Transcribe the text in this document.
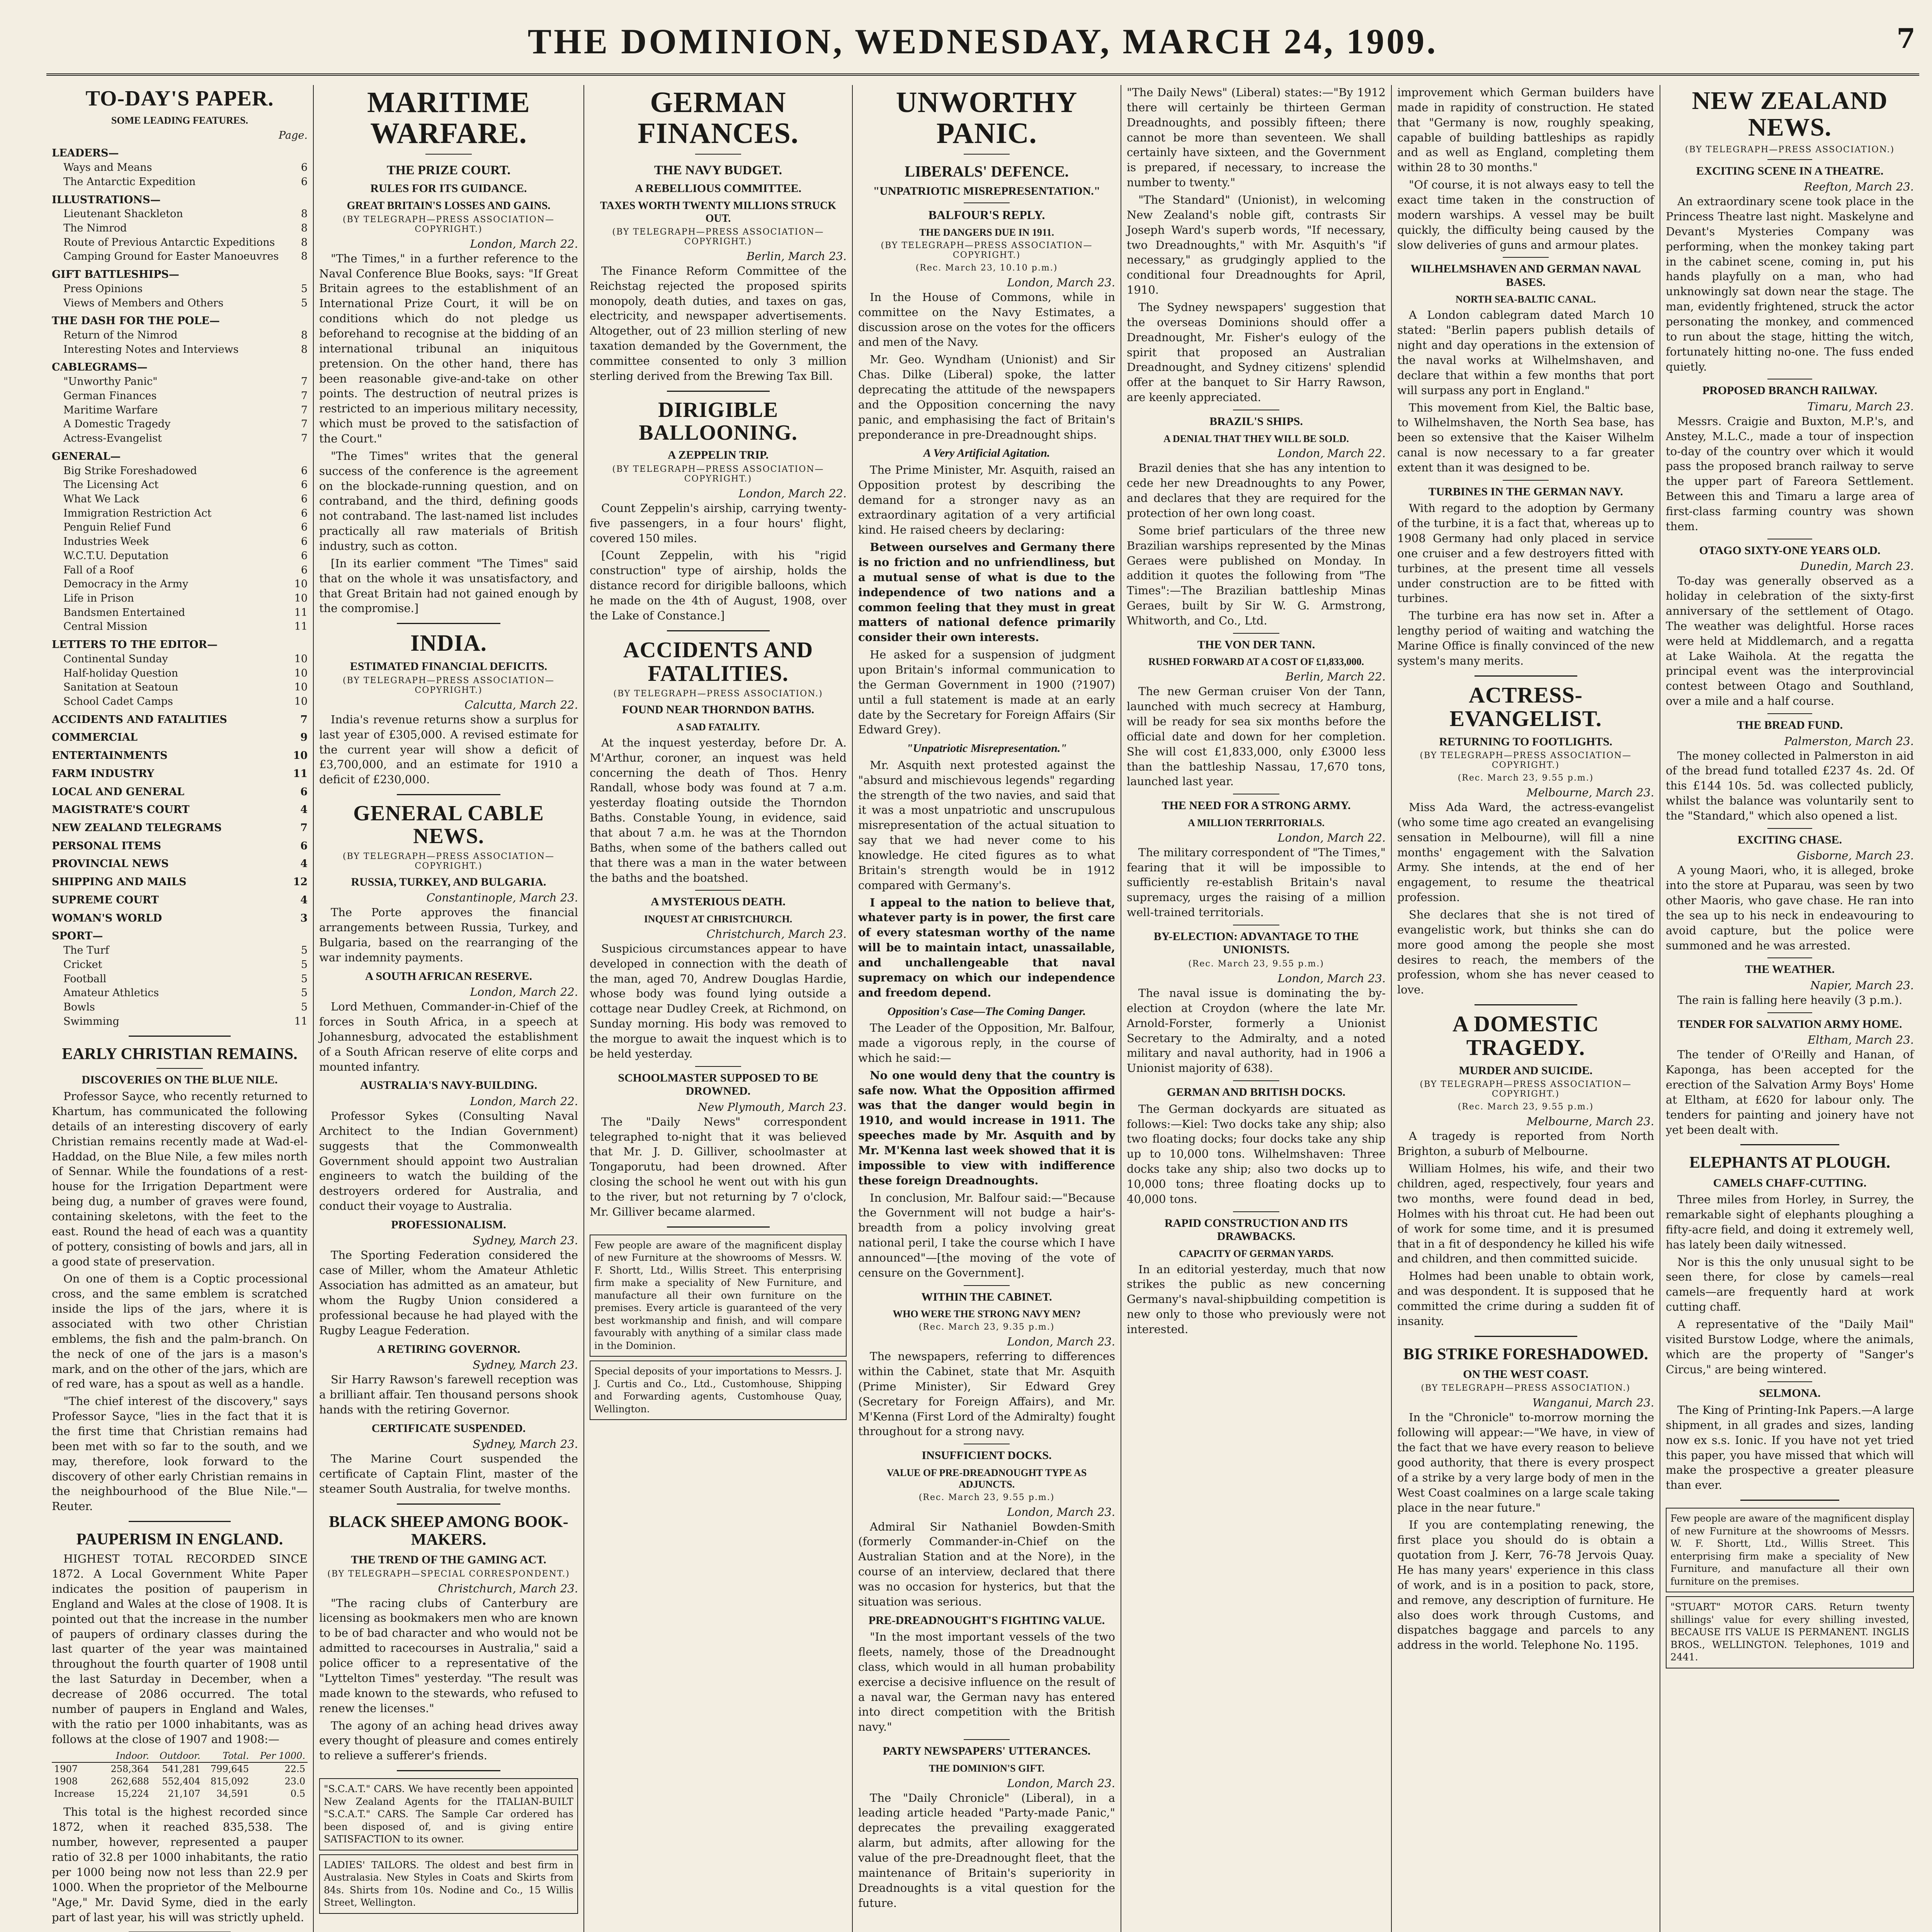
THE DOMINION, WEDNESDAY, MARCH 24, 1909.	7
TO-DAY'S PAPER.
SOME LEADING FEATURES.
Page.
LEADERS—
Ways and Means	6
The Antarctic Expedition	6
ILLUSTRATIONS—
Lieutenant Shackleton	8
The Nimrod	8
Route of Previous Antarctic Expeditions 8
Camping Ground for Easter Manoeuvres 8
GIFT BATTLESHIPS—
Press Opinions	5
Views of Members and Others	5
THE DASH FOR THE POLE—
Return of the Nimrod	8
Interesting Notes and Interviews	8
CABLEGRAMS—
"Unworthy Panic"	7
German Finances	7
Maritime Warfare	7
A Domestic Tragedy	7
Actress-Evangelist	7
GENERAL—
Big Strike Foreshadowed	6
The Licensing Act	6
What We Lack	6
Immigration Restriction Act	6
Penguin Relief Fund	6
Industries Week	6
W.C.T.U. Deputation	6
Fall of a Roof	6
Democracy in the Army	10
Life in Prison	10
Bandsmen Entertained	11
Central Mission	11
LETTERS TO THE EDITOR—
Continental Sunday	10
Half-holiday Question	10
Sanitation at Seatoun	10
School Cadet Camps	10
ACCIDENTS AND FATALITIES	7
COMMERCIAL	9
ENTERTAINMENTS	10
FARM INDUSTRY	11
LOCAL AND GENERAL	6
MAGISTRATE'S COURT	4
NEW ZEALAND TELEGRAMS	7
PERSONAL ITEMS	6
PROVINCIAL NEWS	4
SHIPPING AND MAILS	12
SUPREME COURT	4
WOMAN'S WORLD	3
SPORT—
The Turf	5
Cricket	5
Football	5
Amateur Athletics	5
Bowls	5
Swimming	11
EARLY CHRISTIAN REMAINS.
DISCOVERIES ON THE BLUE NILE.

Professor Sayce, who recently returned to Khartum, has communicated the following details of an interesting discovery of early Christian remains recently made at Wad-el-Haddad, on the Blue Nile, a few miles north of Sennar. While the foundations of a rest-house for the Irrigation Department were being dug, a number of graves were found, containing skeletons, with the feet to the east. Round the head of each was a quantity of pottery, consisting of bowls and jars, all in a good state of preservation.

On one of them is a Coptic processional cross, and the same emblem is scratched inside the lips of the jars, where it is associated with two other Christian emblems, the fish and the palm-branch. On the neck of one of the jars is a mason's mark, and on the other of the jars, which are of red ware, has a spout as well as a handle.

"The chief interest of the discovery," says Professor Sayce, "lies in the fact that it is the first time that Christian remains had been met with so far to the south, and we may, therefore, look forward to the discovery of other early Christian remains in the neighbourhood of the Blue Nile."—Reuter.

PAUPERISM IN ENGLAND.

HIGHEST TOTAL RECORDED SINCE 1872. A Local Government White Paper indicates the position of pauperism in England and Wales at the close of 1908. It is pointed out that the increase in the number of paupers of ordinary classes during the last quarter of the year was maintained throughout the fourth quarter of 1908 until the last Saturday in December, when a decrease of 2086 occurred. The total number of paupers in England and Wales, with the ratio per 1000 inhabitants, was as follows at the close of 1907 and 1908:—

	Indoor.	Outdoor.	Total.	Per 1000.
1907	258,364	541,281	799,645	22.5
1908	262,688	552,404	815,092	23.0
Increase	15,224	21,107	34,591	0.5

This total is the highest recorded since 1872, when it reached 835,538. The number, however, represented a pauper ratio of 32.8 per 1000 inhabitants, the ratio per 1000 being now not less than 22.9 per 1000. When the proprietor of the Melbourne "Age," Mr. David Syme, died in the early part of last year, his will was strictly upheld.

MARITIME WARFARE.
THE PRIZE COURT.
RULES FOR ITS GUIDANCE.
GREAT BRITAIN'S LOSSES AND GAINS.
(BY TELEGRAPH—PRESS ASSOCIATION—COPYRIGHT.)
London, March 22.

"The Times," in a further reference to the Naval Conference Blue Books, says: "If Great Britain agrees to the establishment of an International Prize Court, it will be on conditions which do not pledge us beforehand to recognise at the bidding of an international tribunal an iniquitous pretension. On the other hand, there has been reasonable give-and-take on other points. The destruction of neutral prizes is restricted to an imperious military necessity, which must be proved to the satisfaction of the Court."

"The Times" writes that the general success of the conference is the agreement on the blockade-running question, and on contraband, and the third, defining goods not contraband. The last-named list includes practically all raw materials of British industry, such as cotton.

[In its earlier comment "The Times" said that on the whole it was unsatisfactory, and that Great Britain had not gained enough by the compromise.]

INDIA.
ESTIMATED FINANCIAL DEFICITS.
(BY TELEGRAPH—PRESS ASSOCIATION—COPYRIGHT.)
Calcutta, March 22.

India's revenue returns show a surplus for last year of £305,000. A revised estimate for the current year will show a deficit of £3,700,000, and an estimate for 1910 a deficit of £230,000.

GENERAL CABLE NEWS.
(BY TELEGRAPH—PRESS ASSOCIATION—COPYRIGHT.)
RUSSIA, TURKEY, AND BULGARIA.
Constantinople, March 23.

The Porte approves the financial arrangements between Russia, Turkey, and Bulgaria, based on the rearranging of the war indemnity payments.

A SOUTH AFRICAN RESERVE.
London, March 22.

Lord Methuen, Commander-in-Chief of the forces in South Africa, in a speech at Johannesburg, advocated the establishment of a South African reserve of elite corps and mounted infantry.

AUSTRALIA'S NAVY-BUILDING.
London, March 22.

Professor Sykes (Consulting Naval Architect to the Indian Government) suggests that the Commonwealth Government should appoint two Australian engineers to watch the building of the destroyers ordered for Australia, and conduct their voyage to Australia.

PROFESSIONALISM.
Sydney, March 23.

The Sporting Federation considered the case of Miller, whom the Amateur Athletic Association has admitted as an amateur, but whom the Rugby Union considered a professional because he had played with the Rugby League Federation.

A RETIRING GOVERNOR.
Sydney, March 23.

Sir Harry Rawson's farewell reception was a brilliant affair. Ten thousand persons shook hands with the retiring Governor.

CERTIFICATE SUSPENDED.
Sydney, March 23.

The Marine Court suspended the certificate of Captain Flint, master of the steamer South Australia, for twelve months.

BLACK SHEEP AMONG BOOK-MAKERS.
THE TREND OF THE GAMING ACT.
(BY TELEGRAPH—SPECIAL CORRESPONDENT.)
Christchurch, March 23.

"The racing clubs of Canterbury are licensing as bookmakers men who are known to be of bad character and who would not be admitted to racecourses in Australia," said a police officer to a representative of the "Lyttelton Times" yesterday. "The result was made known to the stewards, who refused to renew the licenses."

The agony of an aching head drives away every thought of pleasure and comes entirely to relieve a sufferer's friends.

"S.C.A.T." CARS. We have recently been appointed New Zealand Agents for the ITALIAN-BUILT "S.C.A.T." CARS. The Sample Car ordered has been disposed of, and is giving entire SATISFACTION to its owner.
LADIES' TAILORS. The oldest and best firm in Australasia. New Styles in Coats and Skirts from 84s. Shirts from 10s. Nodine and Co., 15 Willis Street, Wellington.
GERMAN FINANCES.
THE NAVY BUDGET.
A REBELLIOUS COMMITTEE.
TAXES WORTH TWENTY MILLIONS STRUCK OUT.
(BY TELEGRAPH—PRESS ASSOCIATION—COPYRIGHT.)
Berlin, March 23.

The Finance Reform Committee of the Reichstag rejected the proposed spirits monopoly, death duties, and taxes on gas, electricity, and newspaper advertisements. Altogether, out of 23 million sterling of new taxation demanded by the Government, the committee consented to only 3 million sterling derived from the Brewing Tax Bill.

DIRIGIBLE BALLOONING.
A ZEPPELIN TRIP.
(BY TELEGRAPH—PRESS ASSOCIATION—COPYRIGHT.)
London, March 22.

Count Zeppelin's airship, carrying twenty-five passengers, in a four hours' flight, covered 150 miles.

[Count Zeppelin, with his "rigid construction" type of airship, holds the distance record for dirigible balloons, which he made on the 4th of August, 1908, over the Lake of Constance.]

ACCIDENTS AND FATALITIES.
(BY TELEGRAPH—PRESS ASSOCIATION.)
FOUND NEAR THORNDON BATHS.
A SAD FATALITY.

At the inquest yesterday, before Dr. A. M'Arthur, coroner, an inquest was held concerning the death of Thos. Henry Randall, whose body was found at 7 a.m. yesterday floating outside the Thorndon Baths. Constable Young, in evidence, said that about 7 a.m. he was at the Thorndon Baths, when some of the bathers called out that there was a man in the water between the baths and the boatshed.

A MYSTERIOUS DEATH.
INQUEST AT CHRISTCHURCH.
Christchurch, March 23.

Suspicious circumstances appear to have developed in connection with the death of the man, aged 70, Andrew Douglas Hardie, whose body was found lying outside a cottage near Dudley Creek, at Richmond, on Sunday morning. His body was removed to the morgue to await the inquest which is to be held yesterday.

SCHOOLMASTER SUPPOSED TO BE DROWNED.
New Plymouth, March 23.

The "Daily News" correspondent telegraphed to-night that it was believed that Mr. J. D. Gilliver, schoolmaster at Tongaporutu, had been drowned. After closing the school he went out with his gun to the river, but not returning by 7 o'clock, Mr. Gilliver became alarmed.

Few people are aware of the magnificent display of new Furniture at the showrooms of Messrs. W. F. Shortt, Ltd., Willis Street. This enterprising firm make a speciality of New Furniture, and manufacture all their own furniture on the premises. Every article is guaranteed of the very best workmanship and finish, and will compare favourably with anything of a similar class made in the Dominion.
Special deposits of your importations to Messrs. J. J. Curtis and Co., Ltd., Customhouse, Shipping and Forwarding agents, Customhouse Quay, Wellington.
UNWORTHY PANIC.
LIBERALS' DEFENCE.
"UNPATRIOTIC MISREPRESENTATION."
BALFOUR'S REPLY.
THE DANGERS DUE IN 1911.
(BY TELEGRAPH—PRESS ASSOCIATION—COPYRIGHT.)
(Rec. March 23, 10.10 p.m.)
London, March 23.

In the House of Commons, while in committee on the Navy Estimates, a discussion arose on the votes for the officers and men of the Navy.

Mr. Geo. Wyndham (Unionist) and Sir Chas. Dilke (Liberal) spoke, the latter deprecating the attitude of the newspapers and the Opposition concerning the navy panic, and emphasising the fact of Britain's preponderance in pre-Dreadnought ships.

A Very Artificial Agitation.

The Prime Minister, Mr. Asquith, raised an Opposition protest by describing the demand for a stronger navy as an extraordinary agitation of a very artificial kind. He raised cheers by declaring:

Between ourselves and Germany there is no friction and no unfriendliness, but a mutual sense of what is due to the independence of two nations and a common feeling that they must in great matters of national defence primarily consider their own interests.

He asked for a suspension of judgment upon Britain's informal communication to the German Government in 1900 (?1907) until a full statement is made at an early date by the Secretary for Foreign Affairs (Sir Edward Grey).

"Unpatriotic Misrepresentation."

Mr. Asquith next protested against the "absurd and mischievous legends" regarding the strength of the two navies, and said that it was a most unpatriotic and unscrupulous misrepresentation of the actual situation to say that we had never come to his knowledge. He cited figures as to what Britain's strength would be in 1912 compared with Germany's.

I appeal to the nation to believe that, whatever party is in power, the first care of every statesman worthy of the name will be to maintain intact, unassailable, and unchallengeable that naval supremacy on which our independence and freedom depend.

Opposition's Case—The Coming Danger.

The Leader of the Opposition, Mr. Balfour, made a vigorous reply, in the course of which he said:—

No one would deny that the country is safe now. What the Opposition affirmed was that the danger would begin in 1910, and would increase in 1911. The speeches made by Mr. Asquith and by Mr. M'Kenna last week showed that it is impossible to view with indifference these foreign Dreadnoughts.

In conclusion, Mr. Balfour said:—"Because the Government will not budge a hair's-breadth from a policy involving great national peril, I take the course which I have announced"—[the moving of the vote of censure on the Government].

WITHIN THE CABINET.
WHO WERE THE STRONG NAVY MEN?
(Rec. March 23, 9.35 p.m.)
London, March 23.

The newspapers, referring to differences within the Cabinet, state that Mr. Asquith (Prime Minister), Sir Edward Grey (Secretary for Foreign Affairs), and Mr. M'Kenna (First Lord of the Admiralty) fought throughout for a strong navy.

INSUFFICIENT DOCKS.
VALUE OF PRE-DREADNOUGHT TYPE AS ADJUNCTS.
(Rec. March 23, 9.55 p.m.)
London, March 23.

Admiral Sir Nathaniel Bowden-Smith (formerly Commander-in-Chief on the Australian Station and at the Nore), in the course of an interview, declared that there was no occasion for hysterics, but that the situation was serious.

PRE-DREADNOUGHT'S FIGHTING VALUE.

"In the most important vessels of the two fleets, namely, those of the Dreadnought class, which would in all human probability exercise a decisive influence on the result of a naval war, the German navy has entered into direct competition with the British navy."

PARTY NEWSPAPERS' UTTERANCES.
THE DOMINION'S GIFT.
London, March 23.

The "Daily Chronicle" (Liberal), in a leading article headed "Party-made Panic," deprecates the prevailing exaggerated alarm, but admits, after allowing for the value of the pre-Dreadnought fleet, that the maintenance of Britain's superiority in Dreadnoughts is a vital question for the future.

"The Daily News" (Liberal) states:—"By 1912 there will certainly be thirteen German Dreadnoughts, and possibly fifteen; there cannot be more than seventeen. We shall certainly have sixteen, and the Government is prepared, if necessary, to increase the number to twenty."

"The Standard" (Unionist), in welcoming New Zealand's noble gift, contrasts Sir Joseph Ward's superb words, "If necessary, two Dreadnoughts," with Mr. Asquith's "if necessary," as grudgingly applied to the conditional four Dreadnoughts for April, 1910.

The Sydney newspapers' suggestion that the overseas Dominions should offer a Dreadnought, Mr. Fisher's eulogy of the spirit that proposed an Australian Dreadnought, and Sydney citizens' splendid offer at the banquet to Sir Harry Rawson, are keenly appreciated.

BRAZIL'S SHIPS.
A DENIAL THAT THEY WILL BE SOLD.
London, March 22.

Brazil denies that she has any intention to cede her new Dreadnoughts to any Power, and declares that they are required for the protection of her own long coast.

Some brief particulars of the three new Brazilian warships represented by the Minas Geraes were published on Monday. In addition it quotes the following from "The Times":—The Brazilian battleship Minas Geraes, built by Sir W. G. Armstrong, Whitworth, and Co., Ltd.

THE VON DER TANN.
RUSHED FORWARD AT A COST OF £1,833,000.
Berlin, March 22.

The new German cruiser Von der Tann, launched with much secrecy at Hamburg, will be ready for sea six months before the official date and down for her completion. She will cost £1,833,000, only £3000 less than the battleship Nassau, 17,670 tons, launched last year.

THE NEED FOR A STRONG ARMY.
A MILLION TERRITORIALS.
London, March 22.

The military correspondent of "The Times," fearing that it will be impossible to sufficiently re-establish Britain's naval supremacy, urges the raising of a million well-trained territorials.

BY-ELECTION: ADVANTAGE TO THE UNIONISTS.
(Rec. March 23, 9.55 p.m.)
London, March 23.

The naval issue is dominating the by-election at Croydon (where the late Mr. Arnold-Forster, formerly a Unionist Secretary to the Admiralty, and a noted military and naval authority, had in 1906 a Unionist majority of 638).

GERMAN AND BRITISH DOCKS.

The German dockyards are situated as follows:—Kiel: Two docks take any ship; also two floating docks; four docks take any ship up to 10,000 tons. Wilhelmshaven: Three docks take any ship; also two docks up to 10,000 tons; three floating docks up to 40,000 tons.

RAPID CONSTRUCTION AND ITS DRAWBACKS.
CAPACITY OF GERMAN YARDS.

In an editorial yesterday, much that now strikes the public as new concerning Germany's naval-shipbuilding competition is new only to those who previously were not interested.

improvement which German builders have made in rapidity of construction. He stated that "Germany is now, roughly speaking, capable of building battleships as rapidly and as well as England, completing them within 28 to 30 months."

"Of course, it is not always easy to tell the exact time taken in the construction of modern warships. A vessel may be built quickly, the difficulty being caused by the slow deliveries of guns and armour plates.

WILHELMSHAVEN AND GERMAN NAVAL BASES.
NORTH SEA-BALTIC CANAL.

A London cablegram dated March 10 stated: "Berlin papers publish details of night and day operations in the extension of the naval works at Wilhelmshaven, and declare that within a few months that port will surpass any port in England."

This movement from Kiel, the Baltic base, to Wilhelmshaven, the North Sea base, has been so extensive that the Kaiser Wilhelm canal is now necessary to a far greater extent than it was designed to be.

TURBINES IN THE GERMAN NAVY.

With regard to the adoption by Germany of the turbine, it is a fact that, whereas up to 1908 Germany had only placed in service one cruiser and a few destroyers fitted with turbines, at the present time all vessels under construction are to be fitted with turbines.

The turbine era has now set in. After a lengthy period of waiting and watching the Marine Office is finally convinced of the new system's many merits.

ACTRESS-EVANGELIST.
RETURNING TO FOOTLIGHTS.
(BY TELEGRAPH—PRESS ASSOCIATION—COPYRIGHT.)
(Rec. March 23, 9.55 p.m.)
Melbourne, March 23.

Miss Ada Ward, the actress-evangelist (who some time ago created an evangelising sensation in Melbourne), will fill a nine months' engagement with the Salvation Army. She intends, at the end of her engagement, to resume the theatrical profession.

She declares that she is not tired of evangelistic work, but thinks she can do more good among the people she most desires to reach, the members of the profession, whom she has never ceased to love.

A DOMESTIC TRAGEDY.
MURDER AND SUICIDE.
(BY TELEGRAPH—PRESS ASSOCIATION—COPYRIGHT.)
(Rec. March 23, 9.55 p.m.)
Melbourne, March 23.

A tragedy is reported from North Brighton, a suburb of Melbourne.

William Holmes, his wife, and their two children, aged, respectively, four years and two months, were found dead in bed, Holmes with his throat cut. He had been out of work for some time, and it is presumed that in a fit of despondency he killed his wife and children, and then committed suicide.

Holmes had been unable to obtain work, and was despondent. It is supposed that he committed the crime during a sudden fit of insanity.

BIG STRIKE FORESHADOWED.
ON THE WEST COAST.
(BY TELEGRAPH—PRESS ASSOCIATION.)
Wanganui, March 23.

In the "Chronicle" to-morrow morning the following will appear:—"We have, in view of the fact that we have every reason to believe good authority, that there is every prospect of a strike by a very large body of men in the West Coast coalmines on a large scale taking place in the near future."

If you are contemplating renewing, the first place you should do is obtain a quotation from J. Kerr, 76-78 Jervois Quay. He has many years' experience in this class of work, and is in a position to pack, store, and remove, any description of furniture. He also does work through Customs, and dispatches baggage and parcels to any address in the world. Telephone No. 1195.

NEW ZEALAND NEWS.
(BY TELEGRAPH—PRESS ASSOCIATION.)
EXCITING SCENE IN A THEATRE.
Reefton, March 23.

An extraordinary scene took place in the Princess Theatre last night. Maskelyne and Devant's Mysteries Company was performing, when the monkey taking part in the cabinet scene, coming in, put his hands playfully on a man, who had unknowingly sat down near the stage. The man, evidently frightened, struck the actor personating the monkey, and commenced to run about the stage, hitting the witch, fortunately hitting no-one. The fuss ended quietly.

PROPOSED BRANCH RAILWAY.
Timaru, March 23.

Messrs. Craigie and Buxton, M.P.'s, and Anstey, M.L.C., made a tour of inspection to-day of the country over which it would pass the proposed branch railway to serve the upper part of Fareora Settlement. Between this and Timaru a large area of first-class farming country was shown them.

OTAGO SIXTY-ONE YEARS OLD.
Dunedin, March 23.

To-day was generally observed as a holiday in celebration of the sixty-first anniversary of the settlement of Otago. The weather was delightful. Horse races were held at Middlemarch, and a regatta at Lake Waihola. At the regatta the principal event was the interprovincial contest between Otago and Southland, over a mile and a half course.

THE BREAD FUND.
Palmerston, March 23.

The money collected in Palmerston in aid of the bread fund totalled £237 4s. 2d. Of this £144 10s. 5d. was collected publicly, whilst the balance was voluntarily sent to the "Standard," which also opened a list.

EXCITING CHASE.
Gisborne, March 23.

A young Maori, who, it is alleged, broke into the store at Puparau, was seen by two other Maoris, who gave chase. He ran into the sea up to his neck in endeavouring to avoid capture, but the police were summoned and he was arrested.

THE WEATHER.
Napier, March 23.

The rain is falling here heavily (3 p.m.).

TENDER FOR SALVATION ARMY HOME.
Eltham, March 23.

The tender of O'Reilly and Hanan, of Kaponga, has been accepted for the erection of the Salvation Army Boys' Home at Eltham, at £620 for labour only. The tenders for painting and joinery have not yet been dealt with.

ELEPHANTS AT PLOUGH.
CAMELS CHAFF-CUTTING.

Three miles from Horley, in Surrey, the remarkable sight of elephants ploughing a fifty-acre field, and doing it extremely well, has lately been daily witnessed.

Nor is this the only unusual sight to be seen there, for close by camels—real camels—are frequently hard at work cutting chaff.

A representative of the "Daily Mail" visited Burstow Lodge, where the animals, which are the property of "Sanger's Circus," are being wintered.

SELMONA.

The King of Printing-Ink Papers.—A large shipment, in all grades and sizes, landing now ex s.s. Ionic. If you have not yet tried this paper, you have missed that which will make the prospective a greater pleasure than ever.

Few people are aware of the magnificent display of new Furniture at the showrooms of Messrs. W. F. Shortt, Ltd., Willis Street. This enterprising firm make a speciality of New Furniture, and manufacture all their own furniture on the premises.
"STUART" MOTOR CARS. Return twenty shillings' value for every shilling invested, BECAUSE ITS VALUE IS PERMANENT. INGLIS BROS., WELLINGTON. Telephones, 1019 and 2441.
